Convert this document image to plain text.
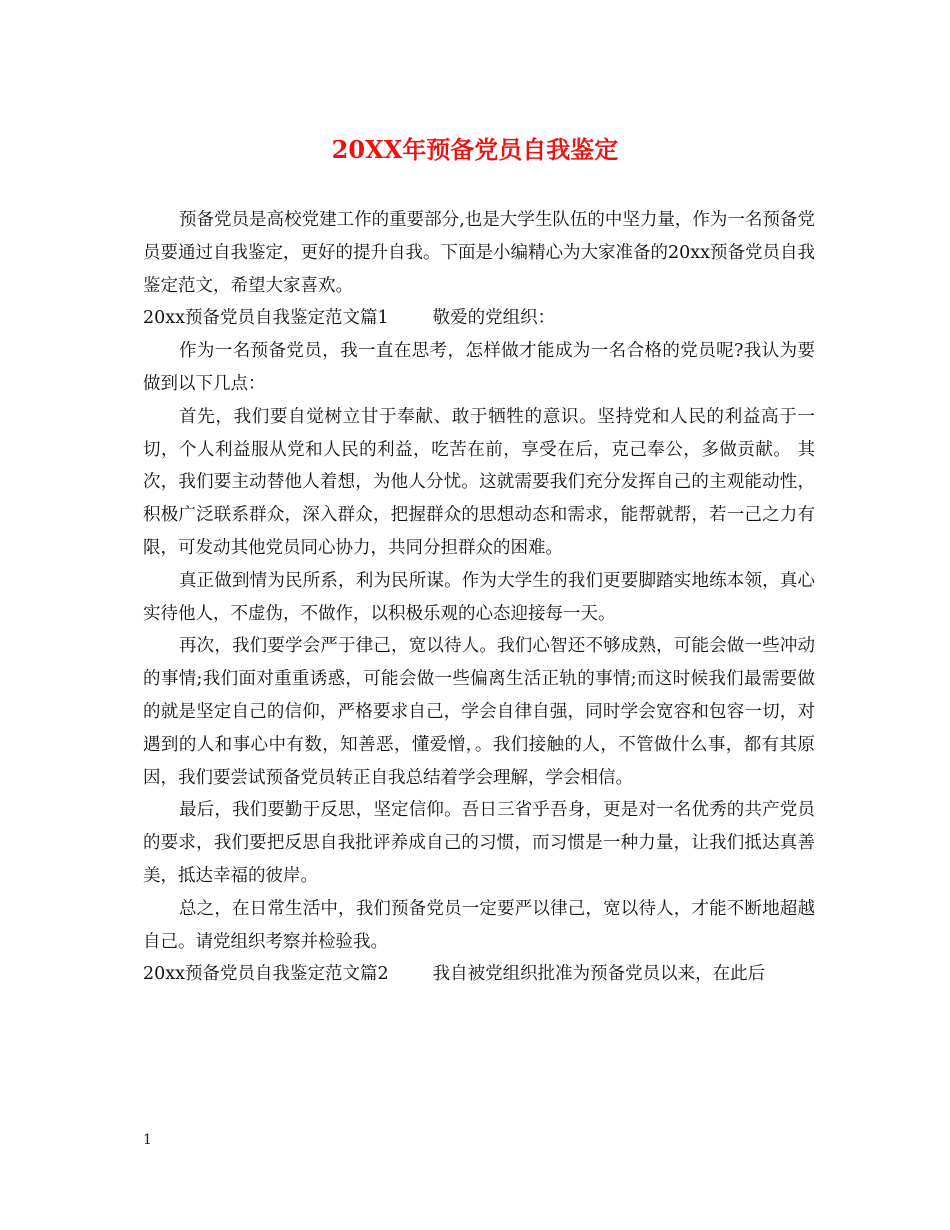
20XX年预备党员自我鉴定

预备党员是高校党建工作的重要部分,也是大学生队伍的中坚力量，作为一名预备党员要通过自我鉴定，更好的提升自我。下面是小编精心为大家准备的20xx预备党员自我鉴定范文，希望大家喜欢。

20xx预备党员自我鉴定范文篇1	敬爱的党组织：

作为一名预备党员，我一直在思考，怎样做才能成为一名合格的党员呢?我认为要做到以下几点：

首先，我们要自觉树立甘于奉献、敢于牺牲的意识。坚持党和人民的利益高于一切，个人利益服从党和人民的利益，吃苦在前，享受在后，克己奉公，多做贡献。 其次，我们要主动替他人着想，为他人分忧。这就需要我们充分发挥自己的主观能动性，积极广泛联系群众，深入群众，把握群众的思想动态和需求，能帮就帮，若一己之力有限，可发动其他党员同心协力，共同分担群众的困难。

真正做到情为民所系，利为民所谋。作为大学生的我们更要脚踏实地练本领，真心实待他人，不虚伪，不做作，以积极乐观的心态迎接每一天。

再次，我们要学会严于律己，宽以待人。我们心智还不够成熟，可能会做一些冲动的事情;我们面对重重诱惑，可能会做一些偏离生活正轨的事情;而这时候我们最需要做的就是坚定自己的信仰，严格要求自己，学会自律自强，同时学会宽容和包容一切，对遇到的人和事心中有数，知善恶，懂爱憎，。我们接触的人，不管做什么事，都有其原因，我们要尝试预备党员转正自我总结着学会理解，学会相信。

最后，我们要勤于反思，坚定信仰。吾日三省乎吾身，更是对一名优秀的共产党员的要求，我们要把反思自我批评养成自己的习惯，而习惯是一种力量，让我们抵达真善美，抵达幸福的彼岸。

总之，在日常生活中，我们预备党员一定要严以律己，宽以待人，才能不断地超越自己。请党组织考察并检验我。

20xx预备党员自我鉴定范文篇2	我自被党组织批准为预备党员以来，在此后

1
